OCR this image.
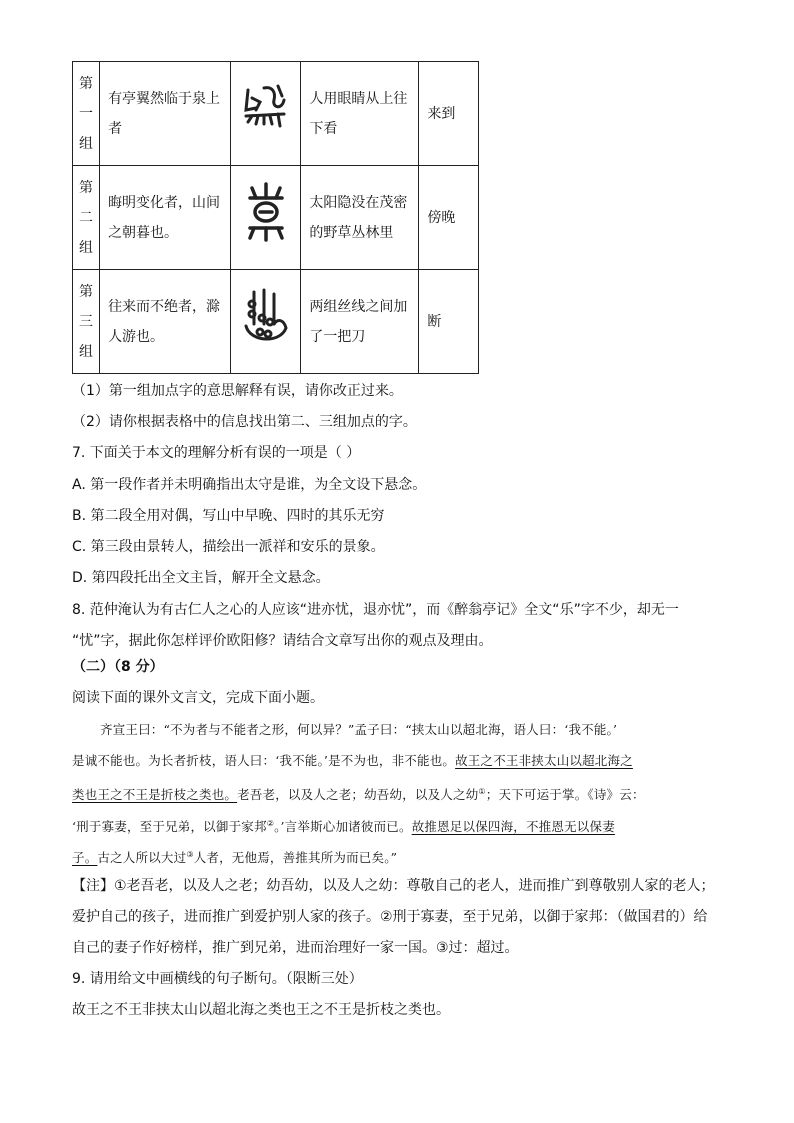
第
一
组	有亭翼然临于泉上者		人用眼睛从上往下看	来到

第
二
组	晦明变化者，山间之朝暮也。		太阳隐没在茂密的野草丛林里	傍晚

第
三
组	往来而不绝者，滁人游也。		两组丝线之间加了一把刀	断
（1）第一组加点字的意思解释有误，请你改正过来。
（2）请你根据表格中的信息找出第二、三组加点的字。
7. 下面关于本文的理解分析有误的一项是（ ）
A. 第一段作者并未明确指出太守是谁，为全文设下悬念。
B. 第二段全用对偶，写山中早晚、四时的其乐无穷
C. 第三段由景转人，描绘出一派祥和安乐的景象。
D. 第四段托出全文主旨，解开全文悬念。
8. 范仲淹认为有古仁人之心的人应该“进亦忧，退亦忧”，而《醉翁亭记》全文“乐”字不少，却无一
“忧”字，据此你怎样评价欧阳修？请结合文章写出你的观点及理由。
（二）（8 分）
阅读下面的课外文言文，完成下面小题。
齐宣王曰：“不为者与不能者之形，何以异？”孟子曰：“挟太山以超北海，语人曰：‘我不能。’
是诚不能也。为长者折枝，语人曰：‘我不能。’是不为也，非不能也。故王之不王非挟太山以超北海之
类也王之不王是折枝之类也。老吾老，以及人之老；幼吾幼，以及人之幼①；天下可运于掌。《诗》云：
‘刑于寡妻，至于兄弟，以御于家邦②。’言举斯心加诸彼而已。故推恩足以保四海，不推恩无以保妻
子。古之人所以大过③人者，无他焉，善推其所为而已矣。”
【注】①老吾老，以及人之老；幼吾幼，以及人之幼：尊敬自己的老人，进而推广到尊敬别人家的老人；
爱护自己的孩子，进而推广到爱护别人家的孩子。②刑于寡妻，至于兄弟，以御于家邦：（做国君的）给
自己的妻子作好榜样，推广到兄弟，进而治理好一家一国。③过：超过。
9. 请用给文中画横线的句子断句。（限断三处）
故王之不王非挟太山以超北海之类也王之不王是折枝之类也。
